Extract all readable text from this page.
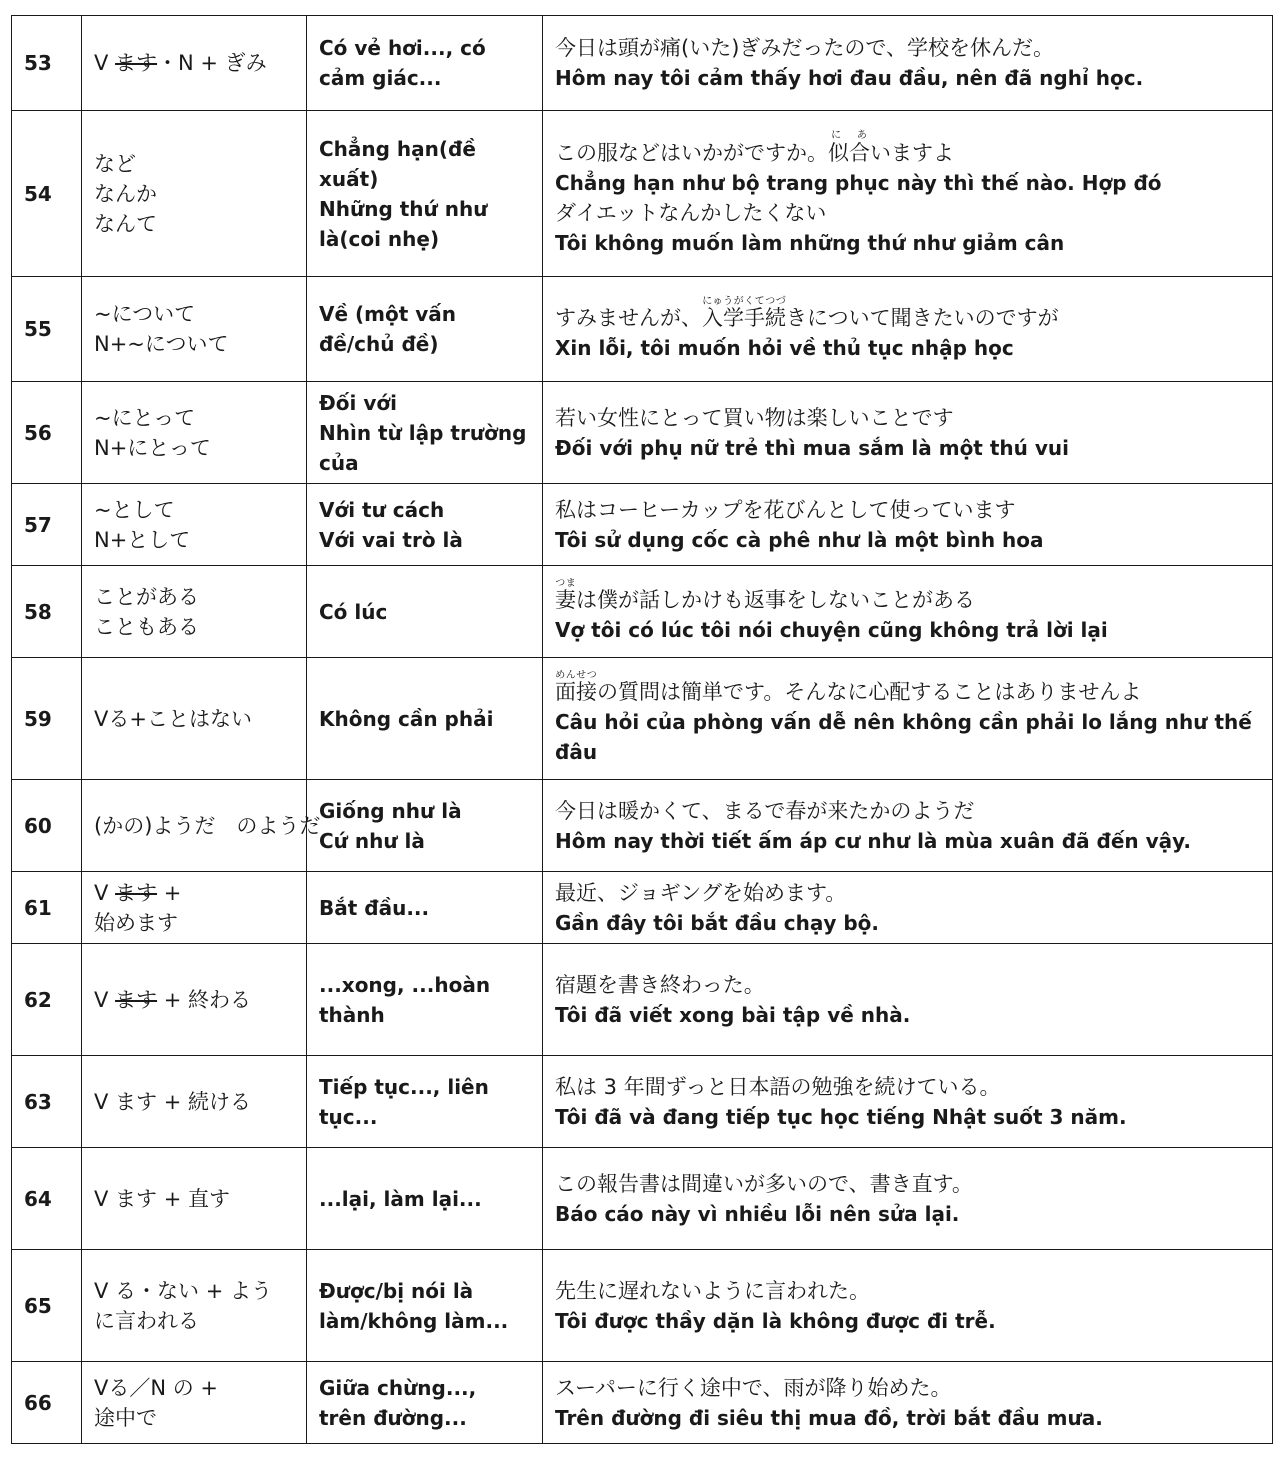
53	V ます・N + ぎみ	Có vẻ hơi..., có cảm giác...	今日は頭が痛(いた)ぎみだったので、学校を休んだ。
Hôm nay tôi cảm thấy hơi đau đầu, nên đã nghỉ học.

54	など
なんか
なんて	Chẳng hạn(đề xuất)
Những thứ như là(coi nhẹ)	この服などはいかがですか。似合に あいますよ
Chẳng hạn như bộ trang phục này thì thế nào. Hợp đó
ダイエットなんかしたくない
Tôi không muốn làm những thứ như giảm cân

55	~について
N+~について	Về (một vấn đề/chủ đề)	すみませんが、入学手続にゅうがくてつづきについて聞きたいのですが
Xin lỗi, tôi muốn hỏi về thủ tục nhập học

56	~にとって
N+にとって	Đối với
Nhìn từ lập trường của	若い女性にとって買い物は楽しいことです
Đối với phụ nữ trẻ thì mua sắm là một thú vui

57	~として
N+として	Với tư cách
Với vai trò là	私はコーヒーカップを花びんとして使っています
Tôi sử dụng cốc cà phê như là một bình hoa

58	ことがある
こともある	Có lúc	妻つまは僕が話しかけも返事をしないことがある
Vợ tôi có lúc tôi nói chuyện cũng không trả lời lại

59	Vる+ことはない	Không cần phải	面接めんせつの質問は簡単です。そんなに心配することはありませんよ
Câu hỏi của phòng vấn dễ nên không cần phải lo lắng như thế đâu

60	(かの)ようだ　のようだ	Giống như là
Cứ như là	今日は暖かくて、まるで春が来たかのようだ
Hôm nay thời tiết ấm áp cư như là mùa xuân đã đến vậy.

61	V ます +
始めます	Bắt đầu...	最近、ジョギングを始めます。
Gần đây tôi bắt đầu chạy bộ.

62	V ます + 終わる	...xong, ...hoàn thành	宿題を書き終わった。
Tôi đã viết xong bài tập về nhà.

63	V ます + 続ける	Tiếp tục..., liên tục...	私は 3 年間ずっと日本語の勉強を続けている。
Tôi đã và đang tiếp tục học tiếng Nhật suốt 3 năm.

64	V ます + 直す	...lại, làm lại...	この報告書は間違いが多いので、書き直す。
Báo cáo này vì nhiều lỗi nên sửa lại.

65	V る・ない + よう
に言われる	Được/bị nói là làm/không làm...	先生に遅れないように言われた。
Tôi được thầy dặn là không được đi trễ.

66	Vる／N の +
途中で	Giữa chừng..., trên đường...	スーパーに行く途中で、雨が降り始めた。
Trên đường đi siêu thị mua đồ, trời bắt đầu mưa.
